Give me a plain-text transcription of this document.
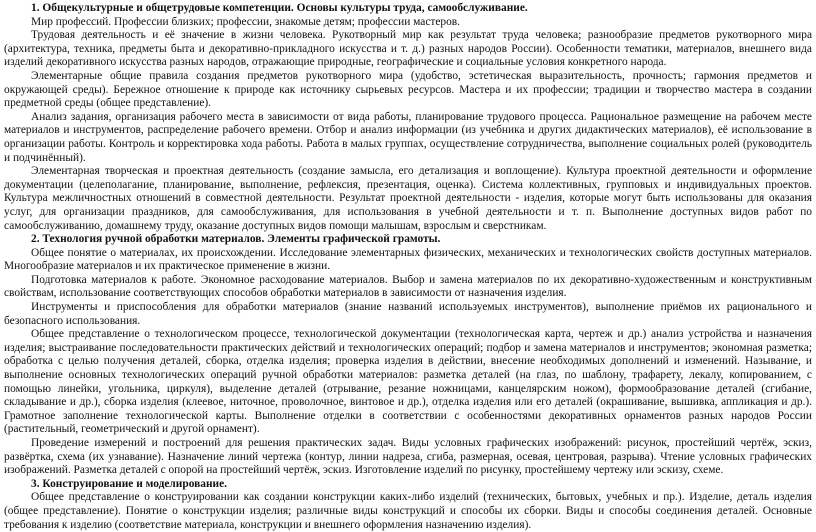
1. Общекультурные и общетрудовые компетенции. Основы культуры труда, самообслуживание.

Мир профессий. Профессии близких; профессии, знакомые детям; профессии мастеров.

Трудовая деятельность и её значение в жизни человека. Рукотворный мир как результат труда человека; разнообразие предметов рукотворного мира (архитектура, техника, предметы быта и декоративно-прикладного искусства и т. д.) разных народов России). Особенности тематики, материалов, внешнего вида изделий декоративного искусства разных народов, отражающие природные, географические и социальные условия конкретного народа.

Элементарные общие правила создания предметов рукотворного мира (удобство, эстетическая выразительность, прочность; гармония предметов и окружающей среды). Бережное отношение к природе как источнику сырьевых ресурсов. Мастера и их профессии; традиции и творчество мастера в создании предметной среды (общее представление).

Анализ задания, организация рабочего места в зависимости от вида работы, планирование трудового процесса. Рациональное размещение на рабочем месте материалов и инструментов, распределение рабочего времени. Отбор и анализ информации (из учебника и других дидактических материалов), её использование в организации работы. Контроль и корректировка хода работы. Работа в малых группах, осуществление сотрудничества, выполнение социальных ролей (руководитель и подчинённый).

Элементарная творческая и проектная деятельность (создание замысла, его детализация и воплощение). Культура проектной деятельности и оформление документации (целеполагание, планирование, выполнение, рефлексия, презентация, оценка). Система коллективных, групповых и индивидуальных проектов. Культура межличностных отношений в совместной деятельности. Результат проектной деятельности - изделия, которые могут быть использованы для оказания услуг, для организации праздников, для самообслуживания, для использования в учебной деятельности и т. п. Выполнение доступных видов работ по самообслуживанию, домашнему труду, оказание доступных видов помощи малышам, взрослым и сверстникам.

2. Технология ручной обработки материалов. Элементы графической грамоты.

Общее понятие о материалах, их происхождении. Исследование элементарных физических, механических и технологических свойств доступных материалов. Многообразие материалов и их практическое применение в жизни.

Подготовка материалов к работе. Экономное расходование материалов. Выбор и замена материалов по их декоративно-художественным и конструктивным свойствам, использование соответствующих способов обработки материалов в зависимости от назначения изделия.

Инструменты и приспособления для обработки материалов (знание названий используемых инструментов), выполнение приёмов их рационального и безопасного использования.

Общее представление о технологическом процессе, технологической документации (технологическая карта, чертеж и др.) анализ устройства и назначения изделия; выстраивание последовательности практических действий и технологических операций; подбор и замена материалов и инструментов; экономная разметка; обработка с целью получения деталей, сборка, отделка изделия; проверка изделия в действии, внесение необходимых дополнений и изменений. Называние, и выполнение основных технологических операций ручной обработки материалов: разметка деталей (на глаз, по шаблону, трафарету, лекалу, копированием, с помощью линейки, угольника, циркуля), выделение деталей (отрывание, резание ножницами, канцелярским ножом), формообразование деталей (сгибание, складывание и др.), сборка изделия (клеевое, ниточное, проволочное, винтовое и др.), отделка изделия или его деталей (окрашивание, вышивка, аппликация и др.). Грамотное заполнение технологической карты. Выполнение отделки в соответствии с особенностями декоративных орнаментов разных народов России (растительный, геометрический и другой орнамент).

Проведение измерений и построений для решения практических задач. Виды условных графических изображений: рисунок, простейший чертёж, эскиз, развёртка, схема (их узнавание). Назначение линий чертежа (контур, линии надреза, сгиба, размерная, осевая, центровая, разрыва). Чтение условных графических изображений. Разметка деталей с опорой на простейший чертёж, эскиз. Изготовление изделий по рисунку, простейшему чертежу или эскизу, схеме.

3. Конструирование и моделирование.

Общее представление о конструировании как создании конструкции каких-либо изделий (технических, бытовых, учебных и пр.). Изделие, деталь изделия (общее представление). Понятие о конструкции изделия; различные виды конструкций и способы их сборки. Виды и способы соединения деталей. Основные требования к изделию (соответствие материала, конструкции и внешнего оформления назначению изделия).
